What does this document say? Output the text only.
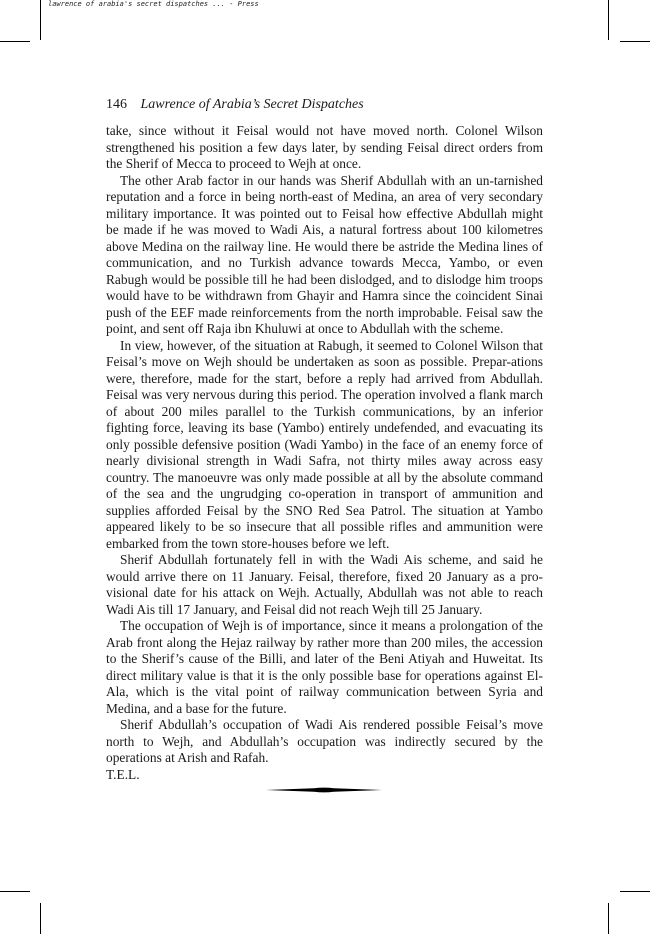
lawrence of arabia's secret dispatches ... - Press
146 Lawrence of Arabia’s Secret Dispatches

take, since without it Feisal would not have moved north. Colonel Wilson strengthened his position a few days later, by sending Feisal direct orders from the Sherif of Mecca to proceed to Wejh at once.

The other Arab factor in our hands was Sherif Abdullah with an un-tarnished reputation and a force in being north-east of Medina, an area of very secondary military importance. It was pointed out to Feisal how effective Abdullah might be made if he was moved to Wadi Ais, a natural fortress about 100 kilometres above Medina on the railway line. He would there be astride the Medina lines of communication, and no Turkish advance towards Mecca, Yambo, or even Rabugh would be possible till he had been dislodged, and to dislodge him troops would have to be withdrawn from Ghayir and Hamra since the coincident Sinai push of the EEF made reinforcements from the north improbable. Feisal saw the point, and sent off Raja ibn Khuluwi at once to Abdullah with the scheme.

In view, however, of the situation at Rabugh, it seemed to Colonel Wilson that Feisal’s move on Wejh should be undertaken as soon as possible. Prepar-ations were, therefore, made for the start, before a reply had arrived from Abdullah. Feisal was very nervous during this period. The operation involved a flank march of about 200 miles parallel to the Turkish communications, by an inferior fighting force, leaving its base (Yambo) entirely undefended, and evacuating its only possible defensive position (Wadi Yambo) in the face of an enemy force of nearly divisional strength in Wadi Safra, not thirty miles away across easy country. The manoeuvre was only made possible at all by the absolute command of the sea and the ungrudging co-operation in transport of ammunition and supplies afforded Feisal by the SNO Red Sea Patrol. The situation at Yambo appeared likely to be so insecure that all possible rifles and ammunition were embarked from the town store-houses before we left.

Sherif Abdullah fortunately fell in with the Wadi Ais scheme, and said he would arrive there on 11 January. Feisal, therefore, fixed 20 January as a pro-visional date for his attack on Wejh. Actually, Abdullah was not able to reach Wadi Ais till 17 January, and Feisal did not reach Wejh till 25 January.

The occupation of Wejh is of importance, since it means a prolongation of the Arab front along the Hejaz railway by rather more than 200 miles, the accession to the Sherif’s cause of the Billi, and later of the Beni Atiyah and Huweitat. Its direct military value is that it is the only possible base for operations against El-Ala, which is the vital point of railway communication between Syria and Medina, and a base for the future.

Sherif Abdullah’s occupation of Wadi Ais rendered possible Feisal’s move north to Wejh, and Abdullah’s occupation was indirectly secured by the operations at Arish and Rafah.

T.E.L.
